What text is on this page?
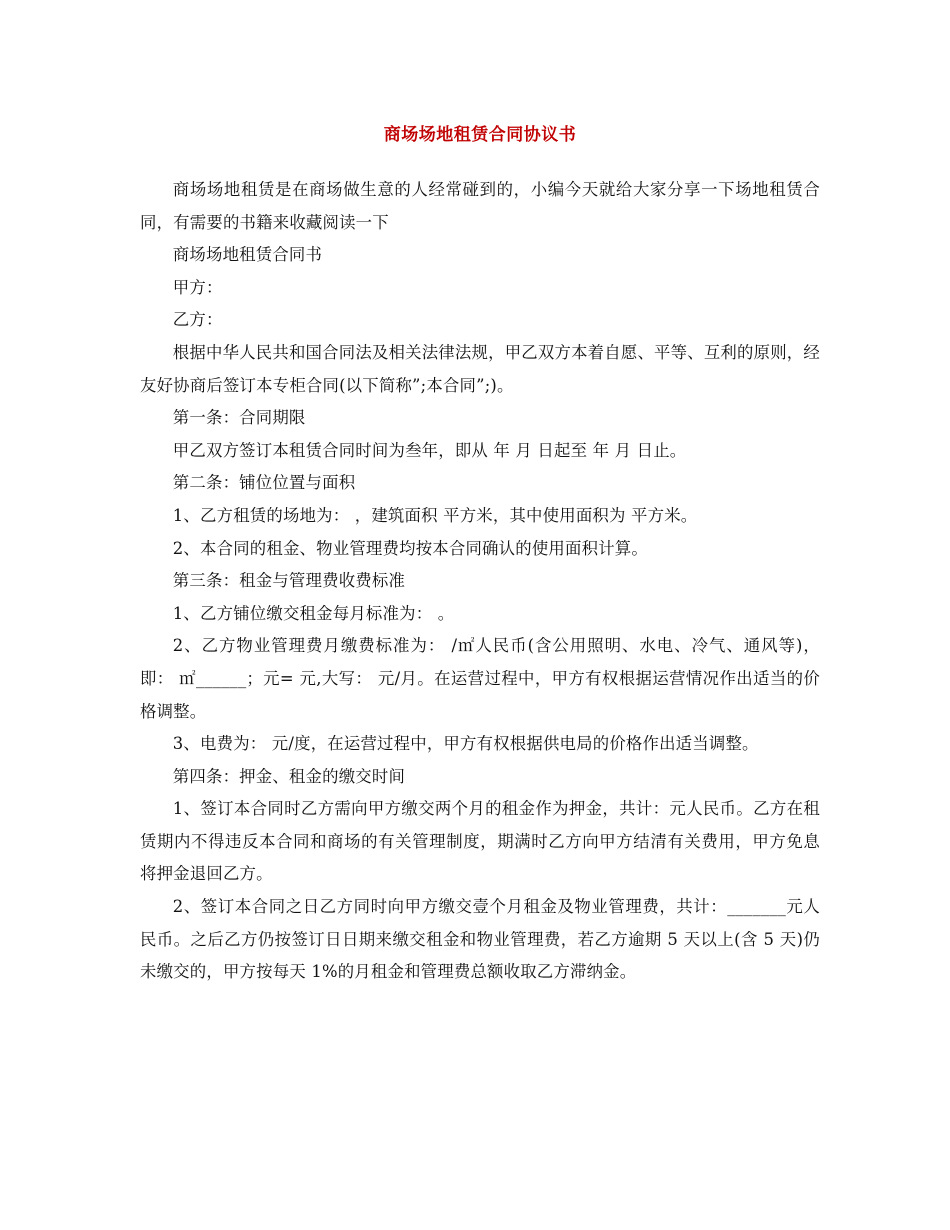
商场场地租赁合同协议书

商场场地租赁是在商场做生意的人经常碰到的，小编今天就给大家分享一下场地租赁合同，有需要的书籍来收藏阅读一下

商场场地租赁合同书

甲方：

乙方：

根据中华人民共和国合同法及相关法律法规，甲乙双方本着自愿、平等、互利的原则，经友好协商后签订本专柜合同(以下简称”;本合同”;)。

第一条：合同期限

甲乙双方签订本租赁合同时间为叁年，即从 年 月 日起至 年 月 日止。

第二条：铺位位置与面积

1、乙方租赁的场地为： ，建筑面积 平方米，其中使用面积为 平方米。

2、本合同的租金、物业管理费均按本合同确认的使用面积计算。

第三条：租金与管理费收费标准

1、乙方铺位缴交租金每月标准为： 。

2、乙方物业管理费月缴费标准为： /㎡人民币(含公用照明、水电、冷气、通风等)，即： ㎡______；元= 元,大写： 元/月。在运营过程中，甲方有权根据运营情况作出适当的价格调整。

3、电费为： 元/度，在运营过程中，甲方有权根据供电局的价格作出适当调整。

第四条：押金、租金的缴交时间

1、签订本合同时乙方需向甲方缴交两个月的租金作为押金，共计：元人民币。乙方在租赁期内不得违反本合同和商场的有关管理制度，期满时乙方向甲方结清有关费用，甲方免息将押金退回乙方。

2、签订本合同之日乙方同时向甲方缴交壹个月租金及物业管理费，共计：_______元人民币。之后乙方仍按签订日日期来缴交租金和物业管理费，若乙方逾期 5 天以上(含 5 天)仍未缴交的，甲方按每天 1%的月租金和管理费总额收取乙方滞纳金。
